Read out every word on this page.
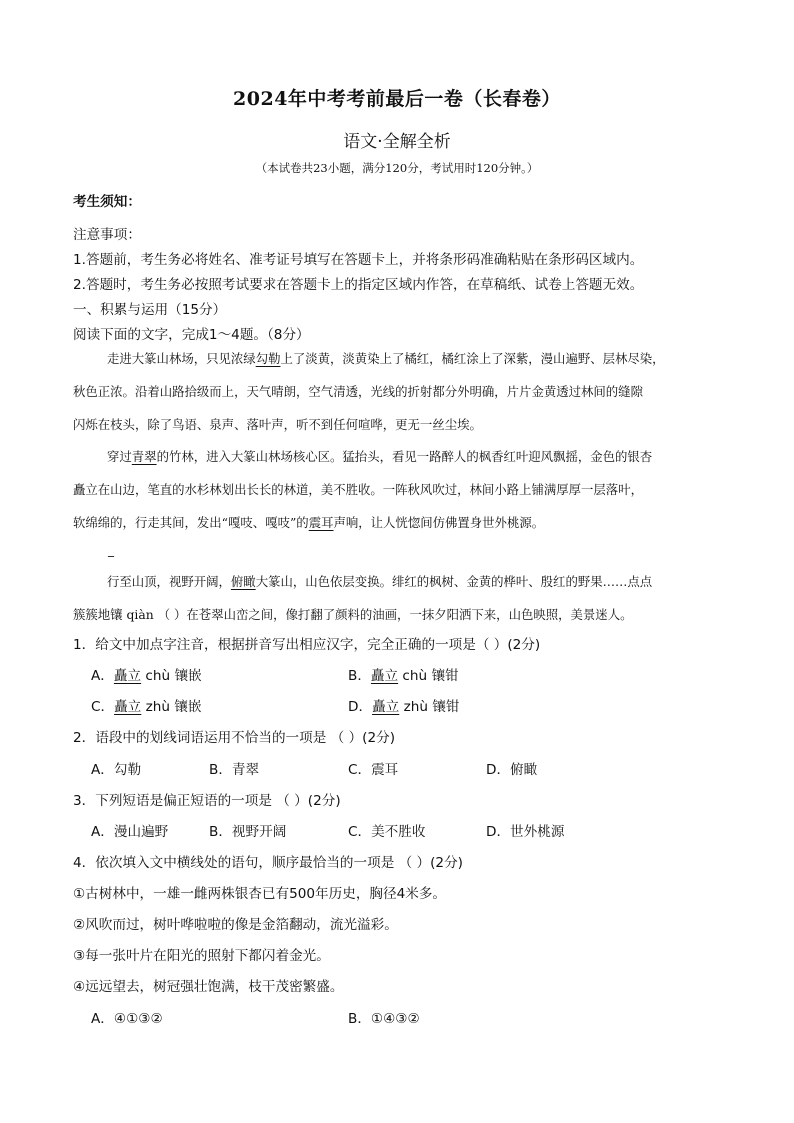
2024年中考考前最后一卷（长春卷）
语文·全解全析
（本试卷共23小题，满分120分，考试用时120分钟。）
考生须知：
注意事项：
1.答题前，考生务必将姓名、准考证号填写在答题卡上，并将条形码准确粘贴在条形码区域内。
2.答题时，考生务必按照考试要求在答题卡上的指定区域内作答，在草稿纸、试卷上答题无效。
一、积累与运用（15分）
阅读下面的文字，完成1～4题。（8分）
走进大篆山林场，只见浓绿勾勒上了淡黄，淡黄染上了橘红，橘红涂上了深紫，漫山遍野、层林尽染，
秋色正浓。沿着山路拾级而上，天气晴朗，空气清透，光线的折射都分外明确，片片金黄透过林间的缝隙
闪烁在枝头，除了鸟语、泉声、落叶声，听不到任何喧哗，更无一丝尘埃。
穿过青翠的竹林，进入大篆山林场核心区。猛抬头，看见一路醉人的枫香红叶迎风飘摇，金色的银杏
矗立在山边，笔直的水杉林划出长长的林道，美不胜收。一阵秋风吹过，林间小路上铺满厚厚一层落叶，
软绵绵的，行走其间，发出“嘎吱、嘎吱”的震耳声响，让人恍惚间仿佛置身世外桃源。
_
行至山顶，视野开阔，俯瞰大篆山，山色依层变换。绯红的枫树、金黄的桦叶、殷红的野果……点点
簇簇地镶 qiàn （ ）在苍翠山峦之间，像打翻了颜料的油画，一抹夕阳洒下来，山色映照，美景迷人。
1．给文中加点字注音，根据拼音写出相应汉字，完全正确的一项是（ ）(2分)
A．矗立 chù 镶嵌	B．矗立 chù 镶钳
C．矗立 zhù 镶嵌	D．矗立 zhù 镶钳
2．语段中的划线词语运用不恰当的一项是 （ ）(2分)
A．勾勒	B．青翠	C．震耳	D．俯瞰
3．下列短语是偏正短语的一项是 （ ）(2分)
A．漫山遍野	B．视野开阔	C．美不胜收	D．世外桃源
4．依次填入文中横线处的语句，顺序最恰当的一项是 （ ）(2分)
①古树林中，一雄一雌两株银杏已有500年历史，胸径4米多。
②风吹而过，树叶哗啦啦的像是金箔翻动，流光溢彩。
③每一张叶片在阳光的照射下都闪着金光。
④远远望去，树冠强壮饱满，枝干茂密繁盛。
A．④①③②	B．①④③②
